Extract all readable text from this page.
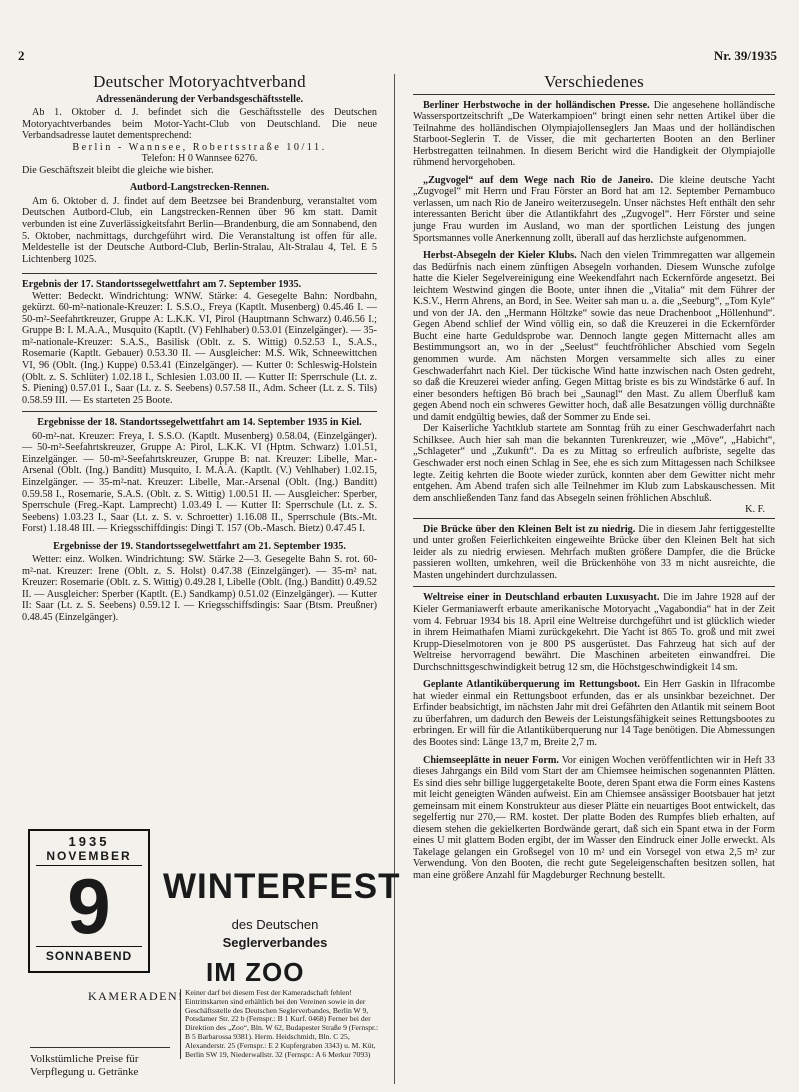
2	Nr. 39/1935
Deutscher Motoryachtverband
Adressenänderung der Verbandsgeschäftsstelle.

Ab 1. Oktober d. J. befindet sich die Geschäftsstelle des Deutschen Motoryachtverbandes beim Motor-Yacht-Club von Deutschland. Die neue Verbandsadresse lautet dementsprechend:

Berlin - Wannsee, Robertsstraße 10/11.
Telefon: H 0 Wannsee 6276.

Die Geschäftszeit bleibt die gleiche wie bisher.

Autbord-Langstrecken-Rennen.

Am 6. Oktober d. J. findet auf dem Beetzsee bei Brandenburg, veranstaltet vom Deutschen Autbord-Club, ein Langstrecken-Rennen über 96 km statt. Damit verbunden ist eine Zuverlässigkeitsfahrt Berlin—Brandenburg, die am Sonnabend, den 5. Oktober, nachmittags, durchgeführt wird. Die Veranstaltung ist offen für alle. Meldestelle ist der Deutsche Autbord-Club, Berlin-Stralau, Alt-Stralau 4, Tel. E 5 Lichtenberg 1025.

Ergebnis der 17. Standortssegelwettfahrt am 7. September 1935.

Wetter: Bedeckt. Windrichtung: WNW. Stärke: 4. Gesegelte Bahn: Nordbahn, gekürzt. 60-m²-nationale-Kreuzer: I. S.S.O., Freya (Kaptlt. Musenberg) 0.45.46 I. — 50-m²-Seefahrtkreuzer, Gruppe A: L.K.K. VI, Pirol (Hauptmann Schwarz) 0.46.56 I.; Gruppe B: I. M.A.A., Musquito (Kaptlt. (V) Fehlhaber) 0.53.01 (Einzelgänger). — 35-m²-nationale-Kreuzer: S.A.S., Basilisk (Oblt. z. S. Wittig) 0.52.53 I., S.A.S., Rosemarie (Kaptlt. Gebauer) 0.53.30 II. — Ausgleicher: M.S. Wik, Schneewittchen VI, 96 (Oblt. (Ing.) Kuppe) 0.53.41 (Einzelgänger). — Kutter 0: Schleswig-Holstein (Oblt. z. S. Schlüter) 1.02.18 I., Schlesien 1.03.00 II. — Kutter II: Sperrschule (Lt. z. S. Piening) 0.57.01 I., Saar (Lt. z. S. Seebens) 0.57.58 II., Adm. Scheer (Lt. z. S. Tils) 0.58.59 III. — Es starteten 25 Boote.

Ergebnisse der 18. Standortssegelwettfahrt am 14. September 1935 in Kiel.

60-m²-nat. Kreuzer: Freya, I. S.S.O. (Kaptlt. Musenberg) 0.58.04, (Einzelgänger). — 50-m²-Seefahrtskreuzer, Gruppe A: Pirol, L.K.K. VI (Hptm. Schwarz) 1.01.51, Einzelgänger. — 50-m²-Seefahrtskreuzer, Gruppe B: nat. Kreuzer: Libelle, Mar.-Arsenal (Oblt. (Ing.) Banditt) Musquito, I. M.A.A. (Kaptlt. (V.) Vehlhaber) 1.02.15, Einzelgänger. — 35-m²-nat. Kreuzer: Libelle, Mar.-Arsenal (Oblt. (Ing.) Banditt) 0.59.58 I., Rosemarie, S.A.S. (Oblt. z. S. Wittig) 1.00.51 II. — Ausgleicher: Sperber, Sperrschule (Freg.-Kapt. Lamprecht) 1.03.49 I. — Kutter II: Sperrschule (Lt. z. S. Seebens) 1.03.23 I., Saar (Lt. z. S. v. Schroetter) 1.16.08 II., Sperrschule (Bts.-Mt. Forst) 1.18.48 III. — Kriegsschiffdingis: Dingi T. 157 (Ob.-Masch. Bietz) 0.47.45 I.

Ergebnisse der 19. Standortssegelwettfahrt am 21. September 1935.

Wetter: einz. Wolken. Windrichtung: SW. Stärke 2—3. Gesegelte Bahn S. rot. 60-m²-nat. Kreuzer: Irene (Oblt. z. S. Holst) 0.47.38 (Einzelgänger). — 35-m² nat. Kreuzer: Rosemarie (Oblt. z. S. Wittig) 0.49.28 I, Libelle (Oblt. (Ing.) Banditt) 0.49.52 II. — Ausgleicher: Sperber (Kaptlt. (E.) Sandkamp) 0.51.02 (Einzelgänger). — Kutter II: Saar (Lt. z. S. Seebens) 0.59.12 I. — Kriegsschiffsdingis: Saar (Btsm. Preußner) 0.48.45 (Einzelgänger).

1935
NOVEMBER
9
SONNABEND
WINTERFEST
des Deutschen
Seglerverbandes
IM ZOO
KAMERADEN! Keiner darf bei diesem Fest der Kameradschaft fehlen! Eintrittskarten sind erhältlich bei den Vereinen sowie in der Geschäftsstelle des Deutschen Seglerverbandes, Berlin W 9, Potsdamer Str. 22 b (Fernspr.: B 1 Kurf. 0468) Ferner bei der Direktion des „Zoo“, Bln. W 62, Budapester Straße 9 (Fernspr.: B 5 Barbarossa 9381). Herm. Heidschmidt, Bln. C 25, Alexanderstr. 25 (Fernspr.: E 2 Kupfergraben 3343) u. M. Küt, Berlin SW 19, Niederwallstr. 32 (Fernspr.: A 6 Merkur 7093)
Volkstümliche Preise für
Verpflegung u. Getränke
Verschiedenes

Berliner Herbstwoche in der holländischen Presse. Die angesehene holländische Wassersportzeitschrift „De Waterkampioen“ bringt einen sehr netten Artikel über die Teilnahme des holländischen Olympiajollenseglers Jan Maas und der holländischen Starboot-Seglerin T. de Visser, die mit gecharterten Booten an den Berliner Herbstregatten teilnahmen. In diesem Bericht wird die Handigkeit der Olympiajolle rühmend hervorgehoben.

„Zugvogel“ auf dem Wege nach Rio de Janeiro. Die kleine deutsche Yacht „Zugvogel“ mit Herrn und Frau Förster an Bord hat am 12. September Pernambuco verlassen, um nach Rio de Janeiro weiterzusegeln. Unser nächstes Heft enthält den sehr interessanten Bericht über die Atlantikfahrt des „Zugvogel“. Herr Förster und seine junge Frau wurden im Ausland, wo man der sportlichen Leistung des jungen Sportsmannes volle Anerkennung zollt, überall auf das herzlichste aufgenommen.

Herbst-Absegeln der Kieler Klubs. Nach den vielen Trimmregatten war allgemein das Bedürfnis nach einem zünftigen Absegeln vorhanden. Diesem Wunsche zufolge hatte die Kieler Segelvereinigung eine Weekendfahrt nach Eckernförde angesetzt. Bei leichtem Westwind gingen die Boote, unter ihnen die „Vitalia“ mit dem Führer der K.S.V., Herrn Ahrens, an Bord, in See. Weiter sah man u. a. die „Seeburg“, „Tom Kyle“ und von der JA. den „Hermann Höltzke“ sowie das neue Drachenboot „Höllenhund“. Gegen Abend schlief der Wind völlig ein, so daß die Kreuzerei in die Eckernförder Bucht eine harte Geduldsprobe war. Dennoch langte gegen Mitternacht alles am Bestimmungsort an, wo in der „Seelust“ feuchtfröhlicher Abschied vom Segeln genommen wurde. Am nächsten Morgen versammelte sich alles zu einer Geschwaderfahrt nach Kiel. Der tückische Wind hatte inzwischen nach Osten gedreht, so daß die Kreuzerei wieder anfing. Gegen Mittag briste es bis zu Windstärke 6 auf. In einer besonders heftigen Bö brach bei „Saunagl“ den Mast. Zu allem Überfluß kam gegen Abend noch ein schweres Gewitter hoch, daß alle Besatzungen völlig durchnäßte und damit endgültig bewies, daß der Sommer zu Ende sei.

Der Kaiserliche Yachtklub startete am Sonntag früh zu einer Geschwaderfahrt nach Schilksee. Auch hier sah man die bekannten Turenkreuzer, wie „Möve“, „Habicht“, „Schlageter“ und „Zukunft“. Da es zu Mittag so erfreulich aufbriste, segelte das Geschwader erst noch einen Schlag in See, ehe es sich zum Mittagessen nach Schilksee legte. Zeitig kehrten die Boote wieder zurück, konnten aber dem Gewitter nicht mehr entgehen. Am Abend trafen sich alle Teilnehmer im Klub zum Labskauschessen. Mit dem anschließenden Tanz fand das Absegeln seinen fröhlichen Abschluß.

K. F.

Die Brücke über den Kleinen Belt ist zu niedrig. Die in diesem Jahr fertiggestellte und unter großen Feierlichkeiten eingeweihte Brücke über den Kleinen Belt hat sich leider als zu niedrig erwiesen. Mehrfach mußten größere Dampfer, die die Brücke passieren wollten, umkehren, weil die Brückenhöhe von 33 m nicht ausreichte, die Masten ungehindert durchzulassen.

Weltreise einer in Deutschland erbauten Luxusyacht. Die im Jahre 1928 auf der Kieler Germaniawerft erbaute amerikanische Motoryacht „Vagabondia“ hat in der Zeit vom 4. Februar 1934 bis 18. April eine Weltreise durchgeführt und ist glücklich wieder in ihrem Heimathafen Miami zurückgekehrt. Die Yacht ist 865 To. groß und mit zwei Krupp-Dieselmotoren von je 800 PS ausgerüstet. Das Fahrzeug hat sich auf der Weltreise hervorragend bewährt. Die Maschinen arbeiteten einwandfrei. Die Durchschnittsgeschwindigkeit betrug 12 sm, die Höchstgeschwindigkeit 14 sm.

Geplante Atlantiküberquerung im Rettungsboot. Ein Herr Gaskin in Ilfracombe hat wieder einmal ein Rettungsboot erfunden, das er als unsinkbar bezeichnet. Der Erfinder beabsichtigt, im nächsten Jahr mit drei Gefährten den Atlantik mit seinem Boot zu überfahren, um dadurch den Beweis der Leistungsfähigkeit seines Rettungsbootes zu erbringen. Er will für die Atlantiküberquerung nur 14 Tage benötigen. Die Abmessungen des Bootes sind: Länge 13,7 m, Breite 2,7 m.

Chiemseeplätte in neuer Form. Vor einigen Wochen veröffentlichten wir in Heft 33 dieses Jahrgangs ein Bild vom Start der am Chiemsee heimischen sogenannten Plätten. Es sind dies sehr billige luggergetakelte Boote, deren Spant etwa die Form eines Kastens mit leicht geneigten Wänden aufweist. Ein am Chiemsee ansässiger Bootsbauer hat jetzt gemeinsam mit einem Konstrukteur aus dieser Plätte ein neuartiges Boot entwickelt, das segelfertig nur 270,— RM. kostet. Der platte Boden des Rumpfes blieb erhalten, auf diesem stehen die gekielkerten Bordwände gerart, daß sich ein Spant etwa in der Form eines U mit glattem Boden ergibt, der im Wasser den Eindruck einer Jolle erweckt. Als Takelage gelangen ein Großsegel von 10 m² und ein Vorsegel von etwa 2,5 m² zur Verwendung. Von den Booten, die recht gute Segeleigenschaften besitzen sollen, hat man eine größere Anzahl für Magdeburger Rechnung bestellt.
